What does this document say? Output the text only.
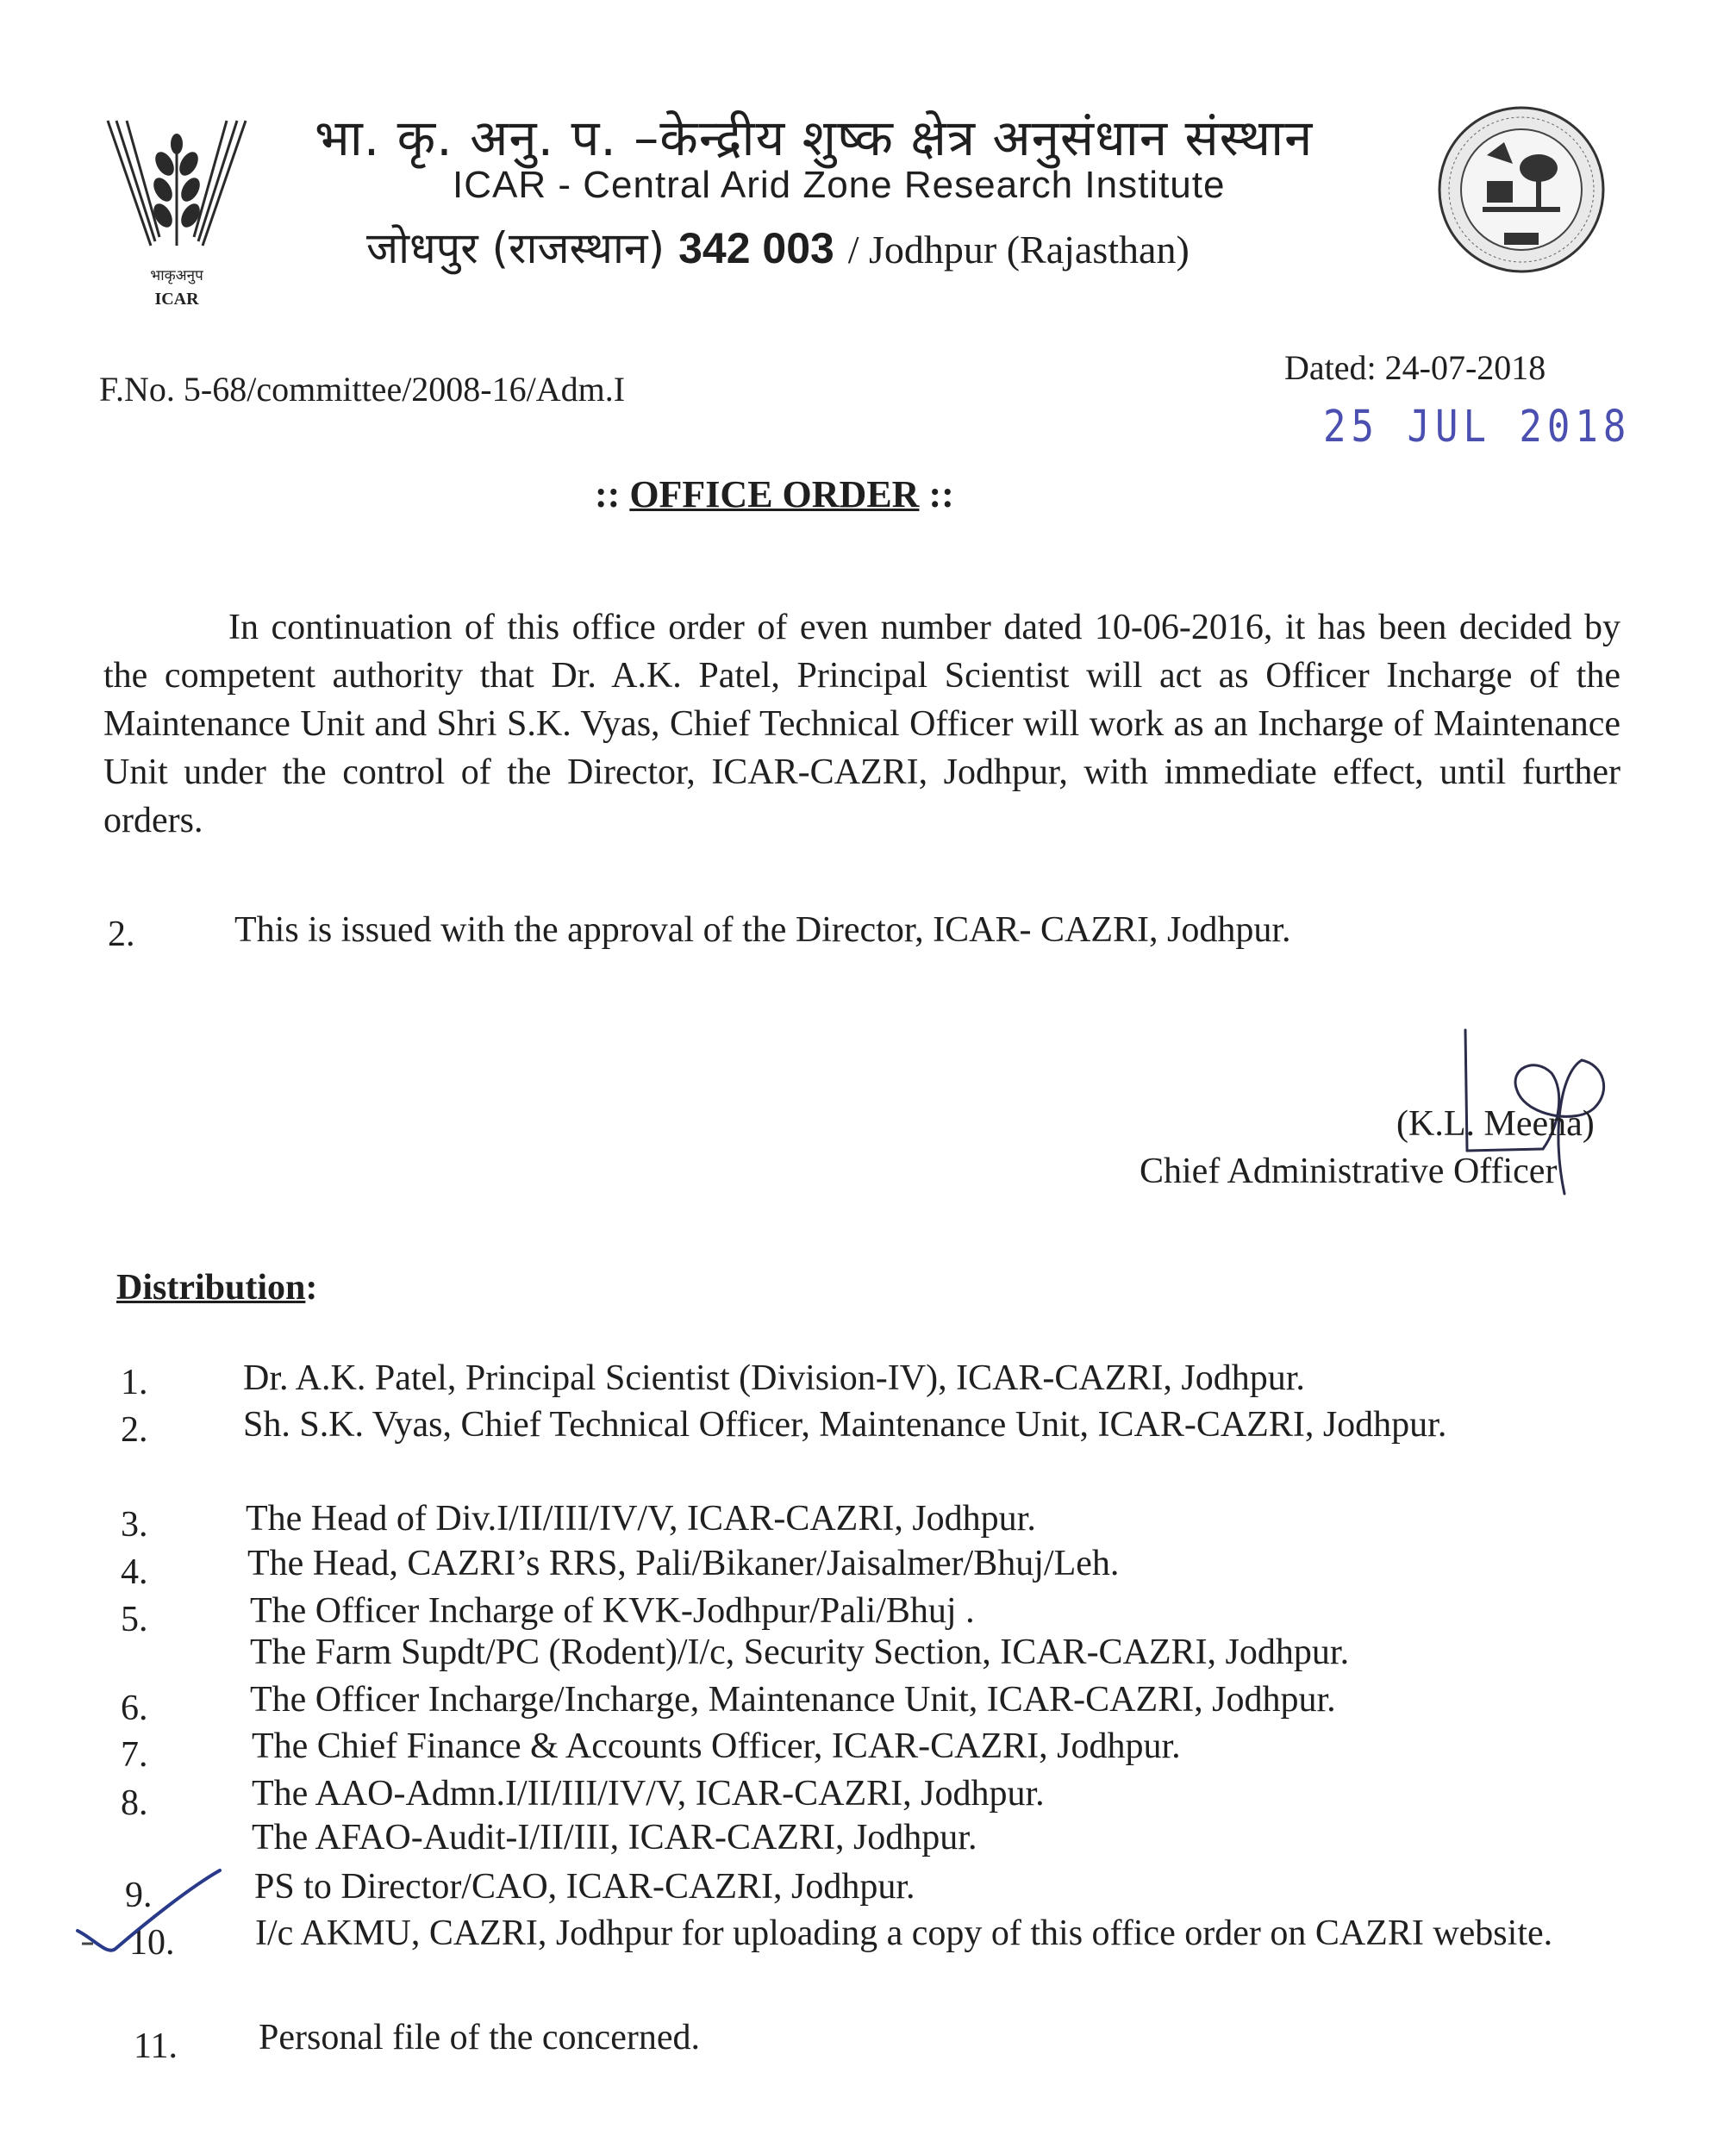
भाकृअनुप
ICAR
भा. कृ. अनु. प. –केन्द्रीय शुष्क क्षेत्र अनुसंधान संस्थान
ICAR - Central Arid Zone Research Institute
जोधपुर (राजस्थान) 342 003 / Jodhpur (Rajasthan)
F.No. 5-68/committee/2008-16/Adm.I
Dated: 24-07-2018
25 JUL 2018
:: OFFICE ORDER ::
In continuation of this office order of even number dated 10-06-2016, it has been decided by the competent authority that Dr. A.K. Patel, Principal Scientist will act as Officer Incharge of the Maintenance Unit and Shri S.K. Vyas, Chief Technical Officer will work as an Incharge of Maintenance Unit under the control of the Director, ICAR-CAZRI, Jodhpur, with immediate effect, until further orders.
2.	This is issued with the approval of the Director, ICAR- CAZRI, Jodhpur.
(K.L. Meena)
Chief Administrative Officer
Distribution:
1.	Dr. A.K. Patel, Principal Scientist (Division-IV), ICAR-CAZRI, Jodhpur.
2.	Sh. S.K. Vyas, Chief Technical Officer, Maintenance Unit, ICAR-CAZRI, Jodhpur.
3.	The Head of Div.I/II/III/IV/V, ICAR-CAZRI, Jodhpur.
4.	The Head, CAZRI’s RRS, Pali/Bikaner/Jaisalmer/Bhuj/Leh.
5.	The Officer Incharge of KVK-Jodhpur/Pali/Bhuj .
The Farm Supdt/PC (Rodent)/I/c, Security Section, ICAR-CAZRI, Jodhpur.
6.	The Officer Incharge/Incharge, Maintenance Unit, ICAR-CAZRI, Jodhpur.
7.	The Chief Finance & Accounts Officer, ICAR-CAZRI, Jodhpur.
8.	The AAO-Admn.I/II/III/IV/V, ICAR-CAZRI, Jodhpur.
The AFAO-Audit-I/II/III, ICAR-CAZRI, Jodhpur.
9.	PS to Director/CAO, ICAR-CAZRI, Jodhpur.
10. I/c AKMU, CAZRI, Jodhpur for uploading a copy of this office order on CAZRI website.
11. Personal file of the concerned.
